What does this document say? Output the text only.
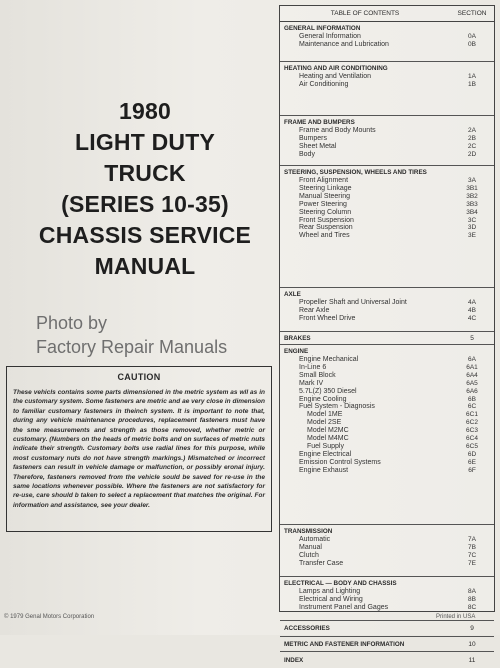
1980
LIGHT DUTY
TRUCK
(SERIES 10-35)
CHASSIS SERVICE
MANUAL
Photo by
Factory Repair Manuals
CAUTION
These vehicls contains some parts dimensioned in the metric system as wll as in the customary system. Some fasteners are metric and ae very close in dimension to familiar customary fasteners in theinch system. It is important to note that, during any vehicle maintenance procedures, replacement fasteners must have the sme measurements and strength as those removed, whether metric or customary. (Numbers on the heads of metric bolts and on surfaces of metric nuts indicate their strength. Customary bolts use radial lines for this purpose, while most customary nuts do not have strength markings.) Mismatched or incorrect fasteners can result in vehicle damage or malfunction, or possibly eronal injury. Therefore, fasteners removed from the vehicle sould be saved for re-use in the same locations whenever possible. Where the fasteners are not satisfactory for re-use, care should b taken to select a replacement that matches the original. For information and assistance, see your dealer.
© 1979 Genal Motors Corporation	Printed in USA
TABLE OF CONTENTS	SECTION
GENERAL INFORMATION
General Information	0A
Maintenance and Lubrication	0B
HEATING AND AIR CONDITIONING
Heating and Ventilation	1A
Air Conditioning	1B
FRAME AND BUMPERS
Frame and Body Mounts	2A
Bumpers	2B
Sheet Metal	2C
Body	2D
STEERING, SUSPENSION, WHEELS AND TIRES
Front Alignment	3A
Steering Linkage	3B1
Manual Steering	3B2
Power Steering	3B3
Steering Column	3B4
Front Suspension	3C
Rear Suspension	3D
Wheel and Tires	3E
AXLE
Propeller Shaft and Universal Joint	4A
Rear Axle	4B
Front Wheel Drive	4C
BRAKES	5
ENGINE
Engine Mechanical	6A
In-Line 6	6A1
Small Block	6A4
Mark IV	6A5
5.7L(Z) 350 Diesel	6A6
Engine Cooling	6B
Fuel System - Diagnosis	6C
Model 1ME	6C1
Model 2SE	6C2
Model M2MC	6C3
Model M4MC	6C4
Fuel Supply	6C5
Engine Electrical	6D
Emission Control Systems	6E
Engine Exhaust	6F
TRANSMISSION
Automatic	7A
Manual	7B
Clutch	7C
Transfer Case	7E
ELECTRICAL — BODY AND CHASSIS
Lamps and Lighting	8A
Electrical and Wiring	8B
Instrument Panel and Gages	8C
ACCESSORIES	9
METRIC AND FASTENER INFORMATION	10
INDEX	11
